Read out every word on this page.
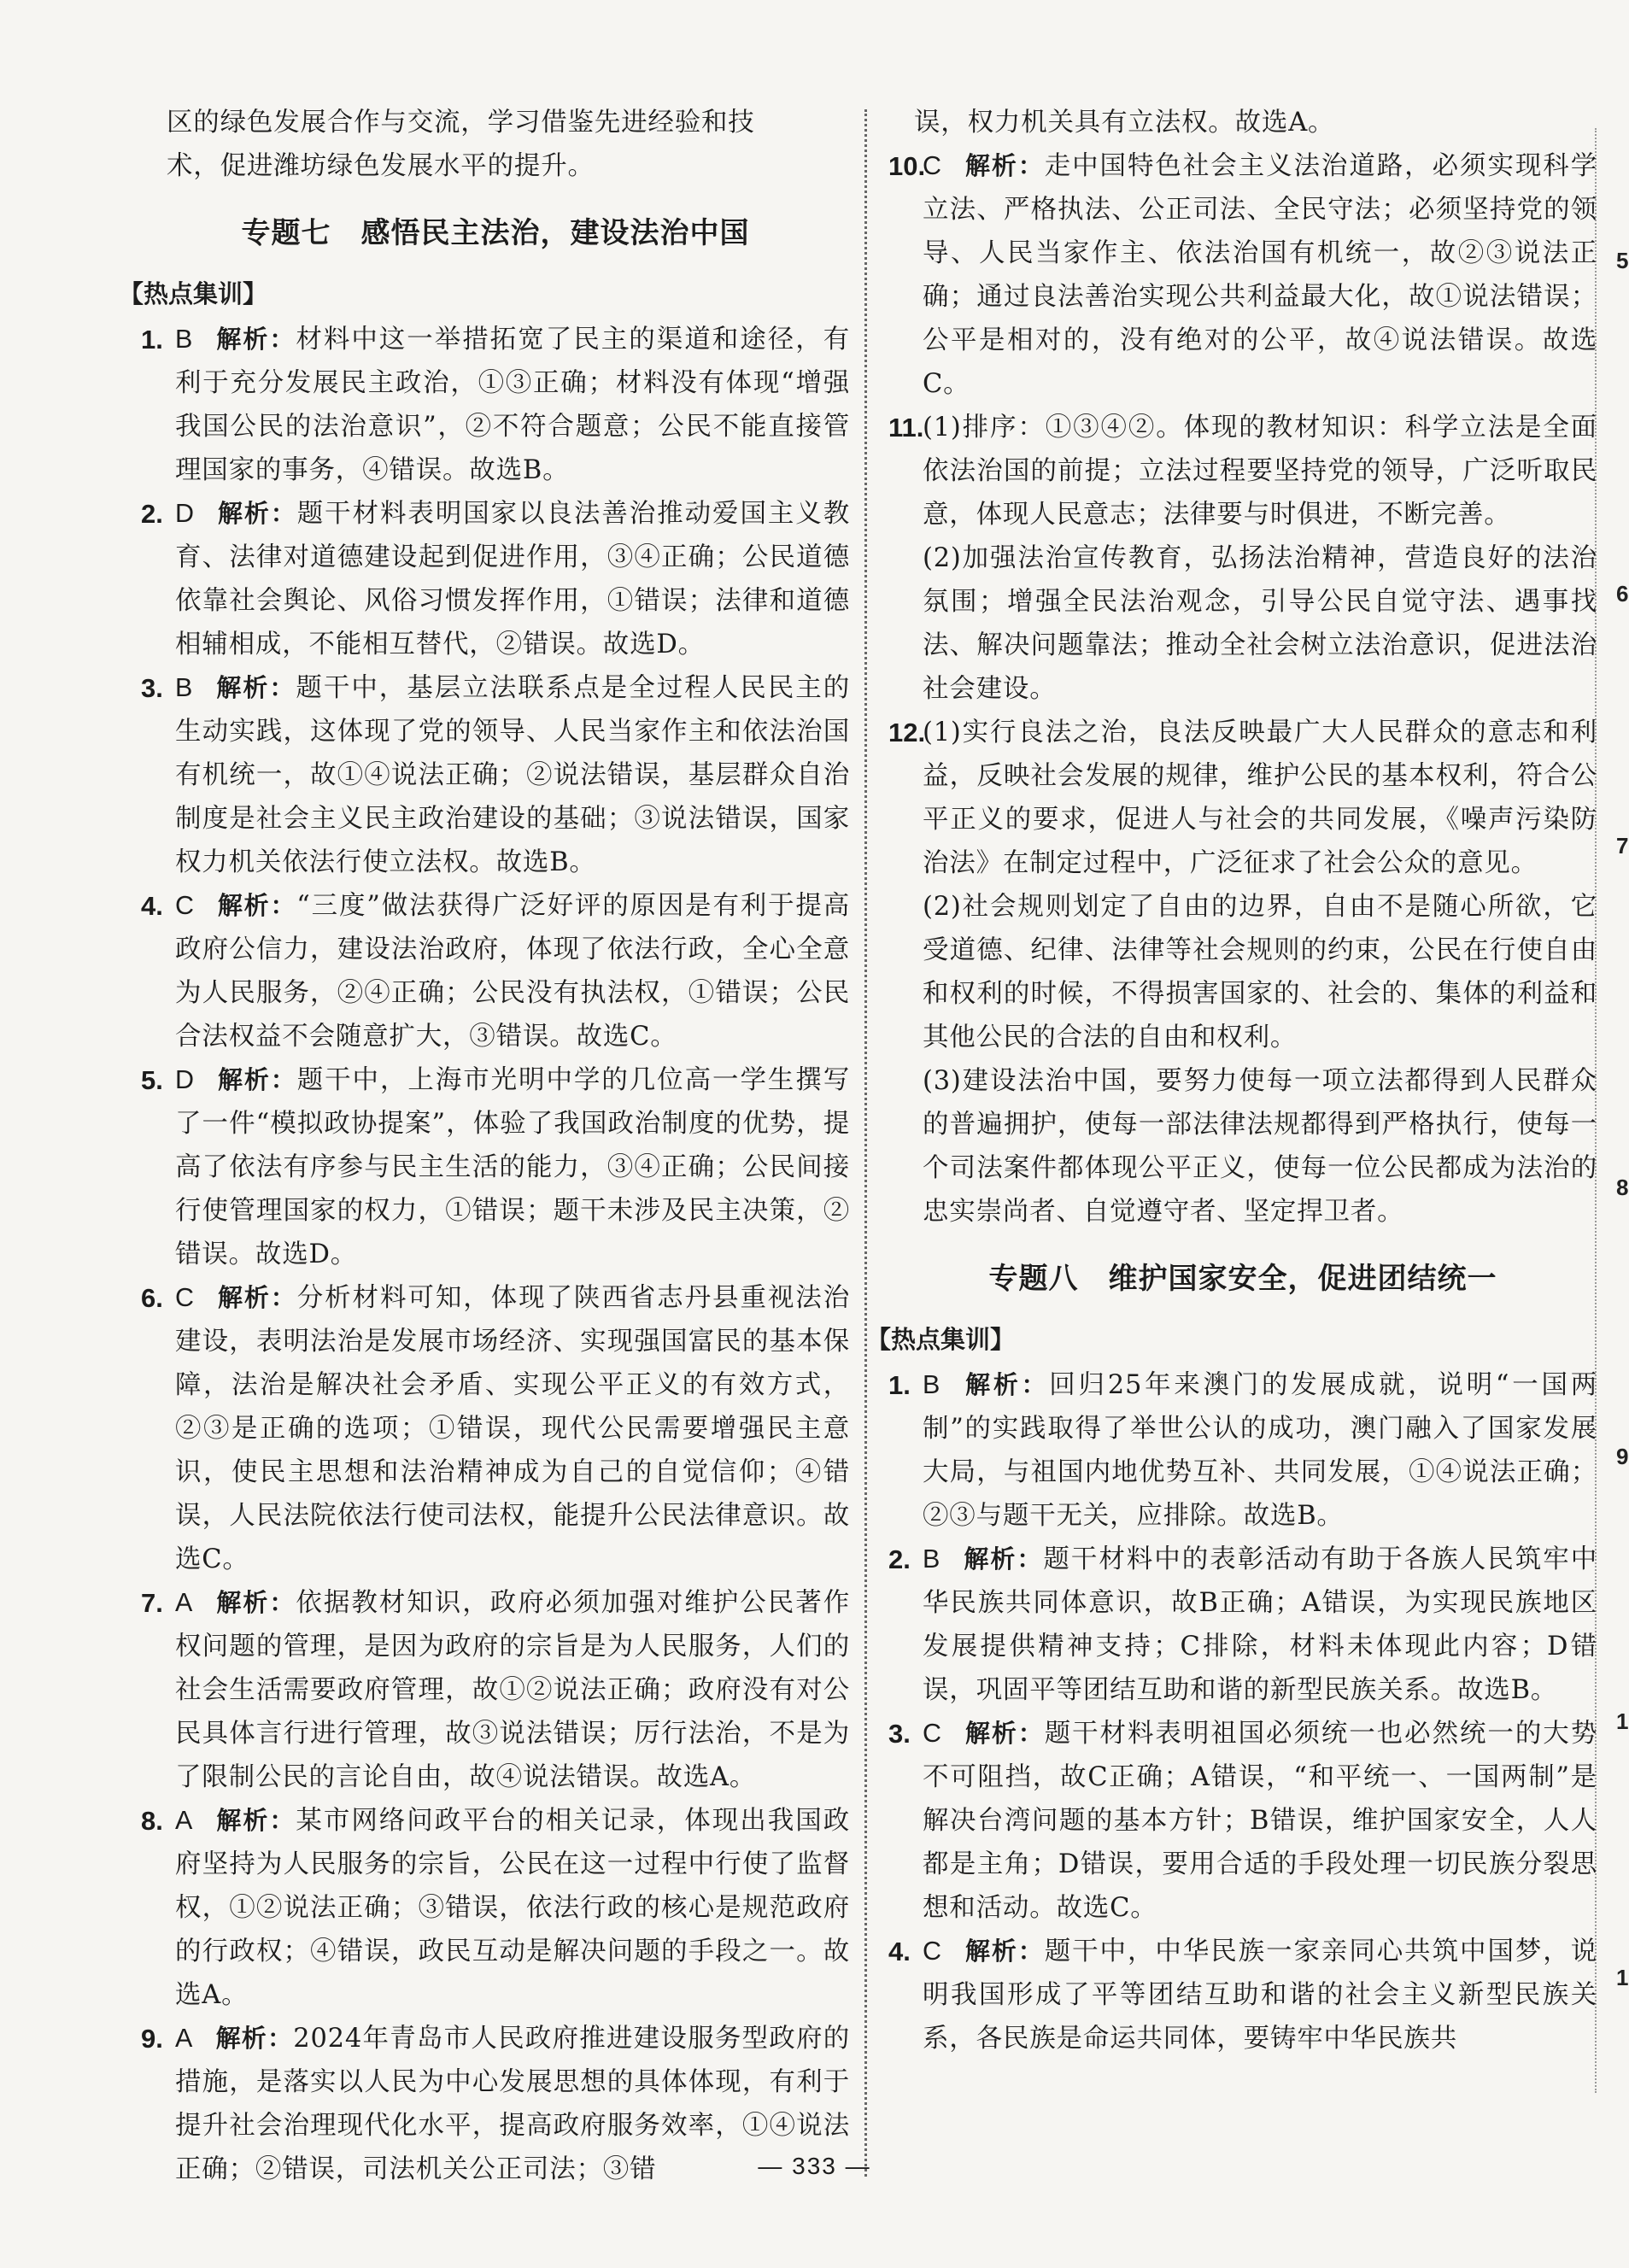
区的绿色发展合作与交流，学习借鉴先进经验和技

术，促进潍坊绿色发展水平的提升。

专题七　感悟民主法治，建设法治中国
【热点集训】
1. B 解析：材料中这一举措拓宽了民主的渠道和途径，有利于充分发展民主政治，①③正确；材料没有体现“增强我国公民的法治意识”，②不符合题意；公民不能直接管理国家的事务，④错误。故选B。

2. D 解析：题干材料表明国家以良法善治推动爱国主义教育、法律对道德建设起到促进作用，③④正确；公民道德依靠社会舆论、风俗习惯发挥作用，①错误；法律和道德相辅相成，不能相互替代，②错误。故选D。

3. B 解析：题干中，基层立法联系点是全过程人民民主的生动实践，这体现了党的领导、人民当家作主和依法治国有机统一，故①④说法正确；②说法错误，基层群众自治制度是社会主义民主政治建设的基础；③说法错误，国家权力机关依法行使立法权。故选B。

4. C 解析：“三度”做法获得广泛好评的原因是有利于提高政府公信力，建设法治政府，体现了依法行政，全心全意为人民服务，②④正确；公民没有执法权，①错误；公民合法权益不会随意扩大，③错误。故选C。

5. D 解析：题干中，上海市光明中学的几位高一学生撰写了一件“模拟政协提案”，体验了我国政治制度的优势，提高了依法有序参与民主生活的能力，③④正确；公民间接行使管理国家的权力，①错误；题干未涉及民主决策，②错误。故选D。

6. C 解析：分析材料可知，体现了陕西省志丹县重视法治建设，表明法治是发展市场经济、实现强国富民的基本保障，法治是解决社会矛盾、实现公平正义的有效方式，②③是正确的选项；①错误，现代公民需要增强民主意识，使民主思想和法治精神成为自己的自觉信仰；④错误，人民法院依法行使司法权，能提升公民法律意识。故选C。

7. A 解析：依据教材知识，政府必须加强对维护公民著作权问题的管理，是因为政府的宗旨是为人民服务，人们的社会生活需要政府管理，故①②说法正确；政府没有对公民具体言行进行管理，故③说法错误；厉行法治，不是为了限制公民的言论自由，故④说法错误。故选A。

8. A 解析：某市网络问政平台的相关记录，体现出我国政府坚持为人民服务的宗旨，公民在这一过程中行使了监督权，①②说法正确；③错误，依法行政的核心是规范政府的行政权；④错误，政民互动是解决问题的手段之一。故选A。

9. A 解析：2024年青岛市人民政府推进建设服务型政府的措施，是落实以人民为中心发展思想的具体体现，有利于提升社会治理现代化水平，提高政府服务效率，①④说法正确；②错误，司法机关公正司法；③错

误，权力机关具有立法权。故选A。

10.

C 解析：走中国特色社会主义法治道路，必须实现科学立法、严格执法、公正司法、全民守法；必须坚持党的领导、人民当家作主、依法治国有机统一，故②③说法正确；通过良法善治实现公共利益最大化，故①说法错误；公平是相对的，没有绝对的公平，故④说法错误。故选C。

11.

(1)排序：①③④②。体现的教材知识：科学立法是全面依法治国的前提；立法过程要坚持党的领导，广泛听取民意，体现人民意志；法律要与时俱进，不断完善。

(2)加强法治宣传教育，弘扬法治精神，营造良好的法治氛围；增强全民法治观念，引导公民自觉守法、遇事找法、解决问题靠法；推动全社会树立法治意识，促进法治社会建设。

12.

(1)实行良法之治，良法反映最广大人民群众的意志和利益，反映社会发展的规律，维护公民的基本权利，符合公平正义的要求，促进人与社会的共同发展，《噪声污染防治法》在制定过程中，广泛征求了社会公众的意见。

(2)社会规则划定了自由的边界，自由不是随心所欲，它受道德、纪律、法律等社会规则的约束，公民在行使自由和权利的时候，不得损害国家的、社会的、集体的利益和其他公民的合法的自由和权利。

(3)建设法治中国，要努力使每一项立法都得到人民群众的普遍拥护，使每一部法律法规都得到严格执行，使每一个司法案件都体现公平正义，使每一位公民都成为法治的忠实崇尚者、自觉遵守者、坚定捍卫者。

专题八　维护国家安全，促进团结统一
【热点集训】
1. B 解析：回归25年来澳门的发展成就，说明“一国两制”的实践取得了举世公认的成功，澳门融入了国家发展大局，与祖国内地优势互补、共同发展，①④说法正确；②③与题干无关，应排除。故选B。

2. B 解析：题干材料中的表彰活动有助于各族人民筑牢中华民族共同体意识，故B正确；A错误，为实现民族地区发展提供精神支持；C排除，材料未体现此内容；D错误，巩固平等团结互助和谐的新型民族关系。故选B。

3. C 解析：题干材料表明祖国必须统一也必然统一的大势不可阻挡，故C正确；A错误，“和平统一、一国两制”是解决台湾问题的基本方针；B错误，维护国家安全，人人都是主角；D错误，要用合适的手段处理一切民族分裂思想和活动。故选C。

4. C 解析：题干中，中华民族一家亲同心共筑中国梦，说明我国形成了平等团结互助和谐的社会主义新型民族关系，各民族是命运共同体，要铸牢中华民族共

— 333 —
5
6
7
8
9
1
1
